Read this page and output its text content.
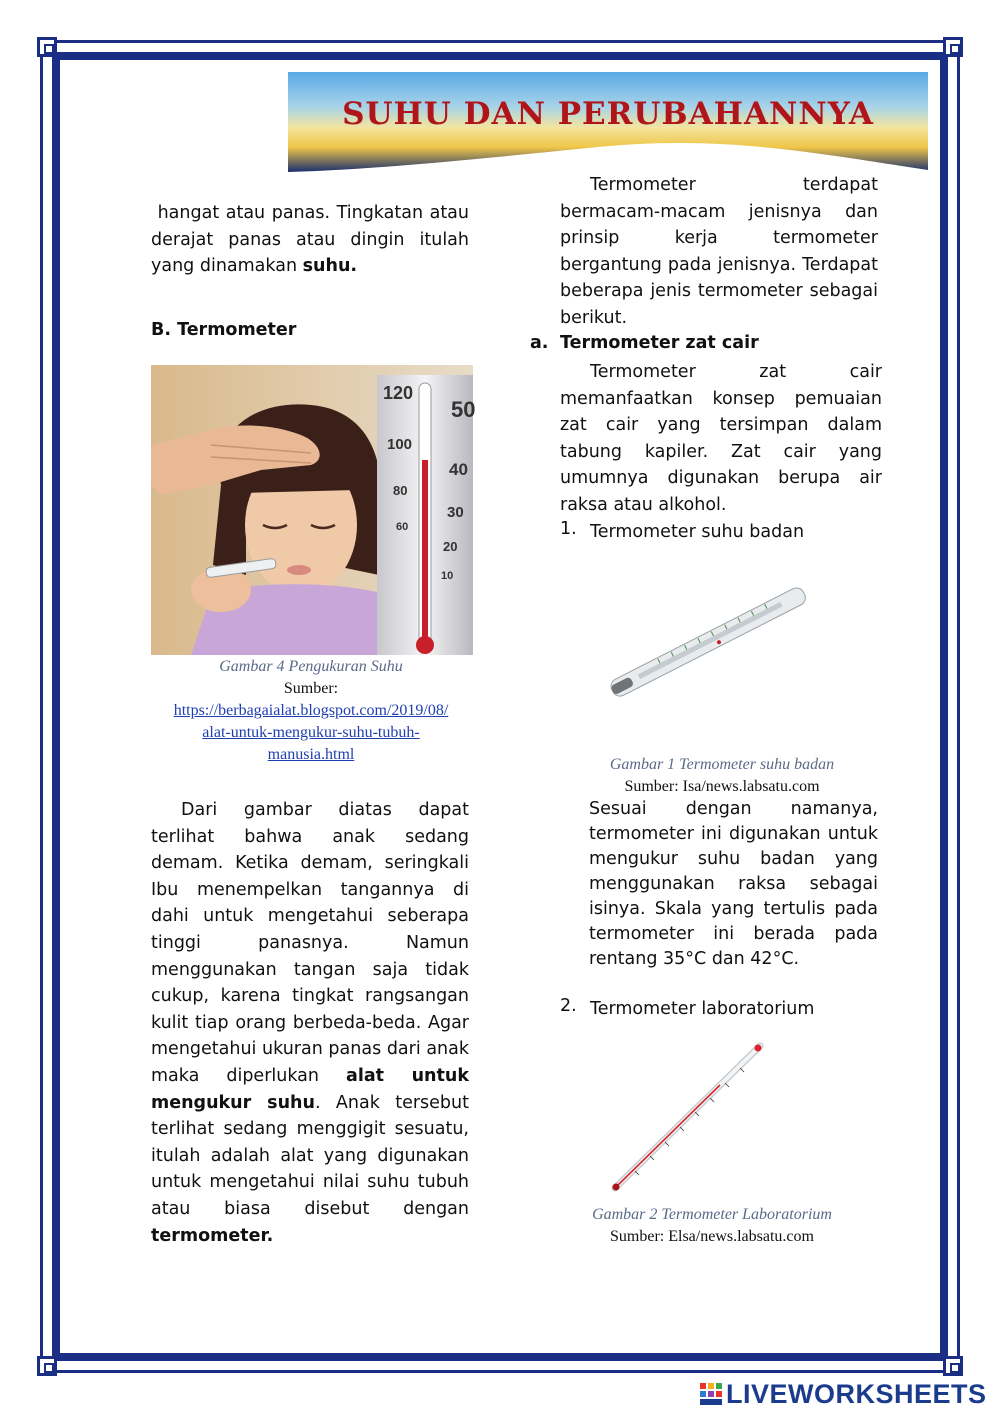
SUHU DAN PERUBAHANNYA

hangat atau panas. Tingkatan atau derajat panas atau dingin itulah yang dinamakan suhu.

B. Termometer

120
100
80
60
50
40
30
20
10
Gambar 4 Pengukuran Suhu
Sumber:
https://berbagaialat.blogspot.com/2019/08/
alat-untuk-mengukur-suhu-tubuh-
manusia.html

Dari gambar diatas dapat terlihat bahwa anak sedang demam. Ketika demam, seringkali Ibu menempelkan tangannya di dahi untuk mengetahui seberapa tinggi panasnya. Namun menggunakan tangan saja tidak cukup, karena tingkat rangsangan kulit tiap orang berbeda-beda. Agar mengetahui ukuran panas dari anak maka diperlukan alat untuk mengukur suhu. Anak tersebut terlihat sedang menggigit sesuatu, itulah adalah alat yang digunakan untuk mengetahui nilai suhu tubuh atau biasa disebut dengan termometer.

Termometer terdapat bermacam-macam jenisnya dan prinsip kerja termometer bergantung pada jenisnya. Terdapat beberapa jenis termometer sebagai berikut.

a. Termometer zat cair

Termometer zat cair memanfaatkan konsep pemuaian zat cair yang tersimpan dalam tabung kapiler. Zat cair yang umumnya digunakan berupa air raksa atau alkohol.

1. Termometer suhu badan

Gambar 1 Termometer suhu badan
Sumber: Isa/news.labsatu.com

Sesuai dengan namanya, termometer ini digunakan untuk mengukur suhu badan yang menggunakan raksa sebagai isinya. Skala yang tertulis pada termometer ini berada pada rentang 35°C dan 42°C.

2. Termometer laboratorium

Gambar 2 Termometer Laboratorium
Sumber: Elsa/news.labsatu.com
LIVEWORKSHEETS
